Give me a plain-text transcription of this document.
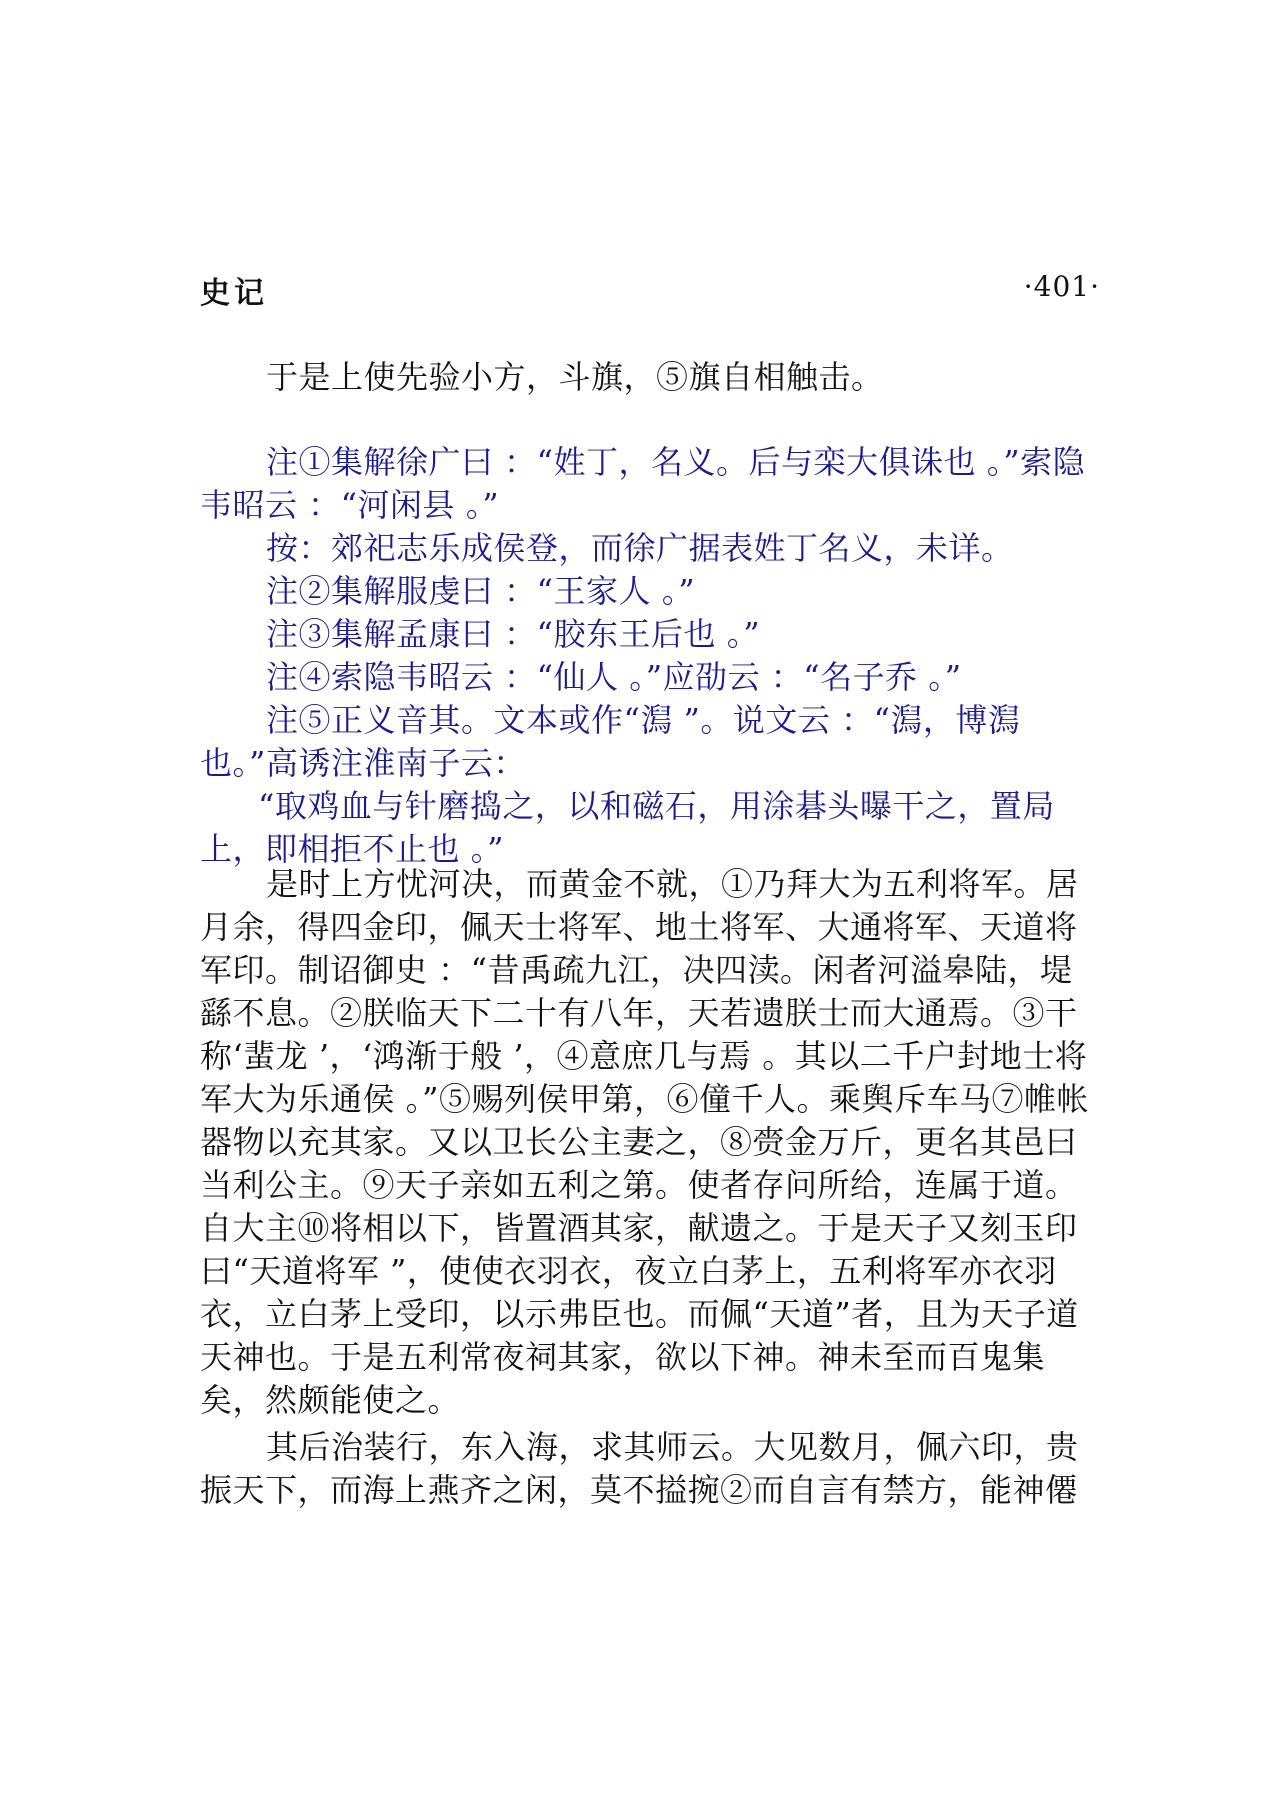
史记	·401·

于是上使先验小方，斗旗，⑤旗自相触击。

注①集解徐广曰 ：“姓丁，名义。后与栾大俱诛也 。”索隐韦昭云 ：“河闲县 。”

按：郊祀志乐成侯登，而徐广据表姓丁名义，未详。

注②集解服虔曰 ：“王家人 。”

注③集解孟康曰 ：“胶东王后也 。”

注④索隐韦昭云 ：“仙人 。”应劭云 ：“名子乔 。”

注⑤正义音其。文本或作“澙 ”。说文云 ：“澙，博澙也。”高诱注淮南子云：

“取鸡血与针磨捣之，以和磁石，用涂碁头曝干之，置局上，即相拒不止也 。”

是时上方忧河决，而黄金不就，①乃拜大为五利将军。居月余，得四金印，佩天士将军、地土将军、大通将军、天道将军印。制诏御史 ：“昔禹疏九江，决四渎。闲者河溢皋陆，堤繇不息。②朕临天下二十有八年，天若遗朕士而大通焉。③干称‘蜚龙 ’，‘鸿渐于般 ’，④意庶几与焉 。其以二千户封地士将军大为乐通侯 。”⑤赐列侯甲第，⑥僮千人。乘舆斥车马⑦帷帐器物以充其家。又以卫长公主妻之，⑧赍金万斤，更名其邑曰当利公主。⑨天子亲如五利之第。使者存问所给，连属于道。自大主⑩将相以下，皆置酒其家，献遗之。于是天子又刻玉印曰“天道将军 ”，使使衣羽衣，夜立白茅上，五利将军亦衣羽衣，立白茅上受印，以示弗臣也。而佩“天道”者，且为天子道天神也。于是五利常夜祠其家，欲以下神。神未至而百鬼集矣，然颇能使之。

其后治装行，东入海，求其师云。大见数月，佩六印，贵振天下，而海上燕齐之闲，莫不搤捥②而自言有禁方，能神僊
